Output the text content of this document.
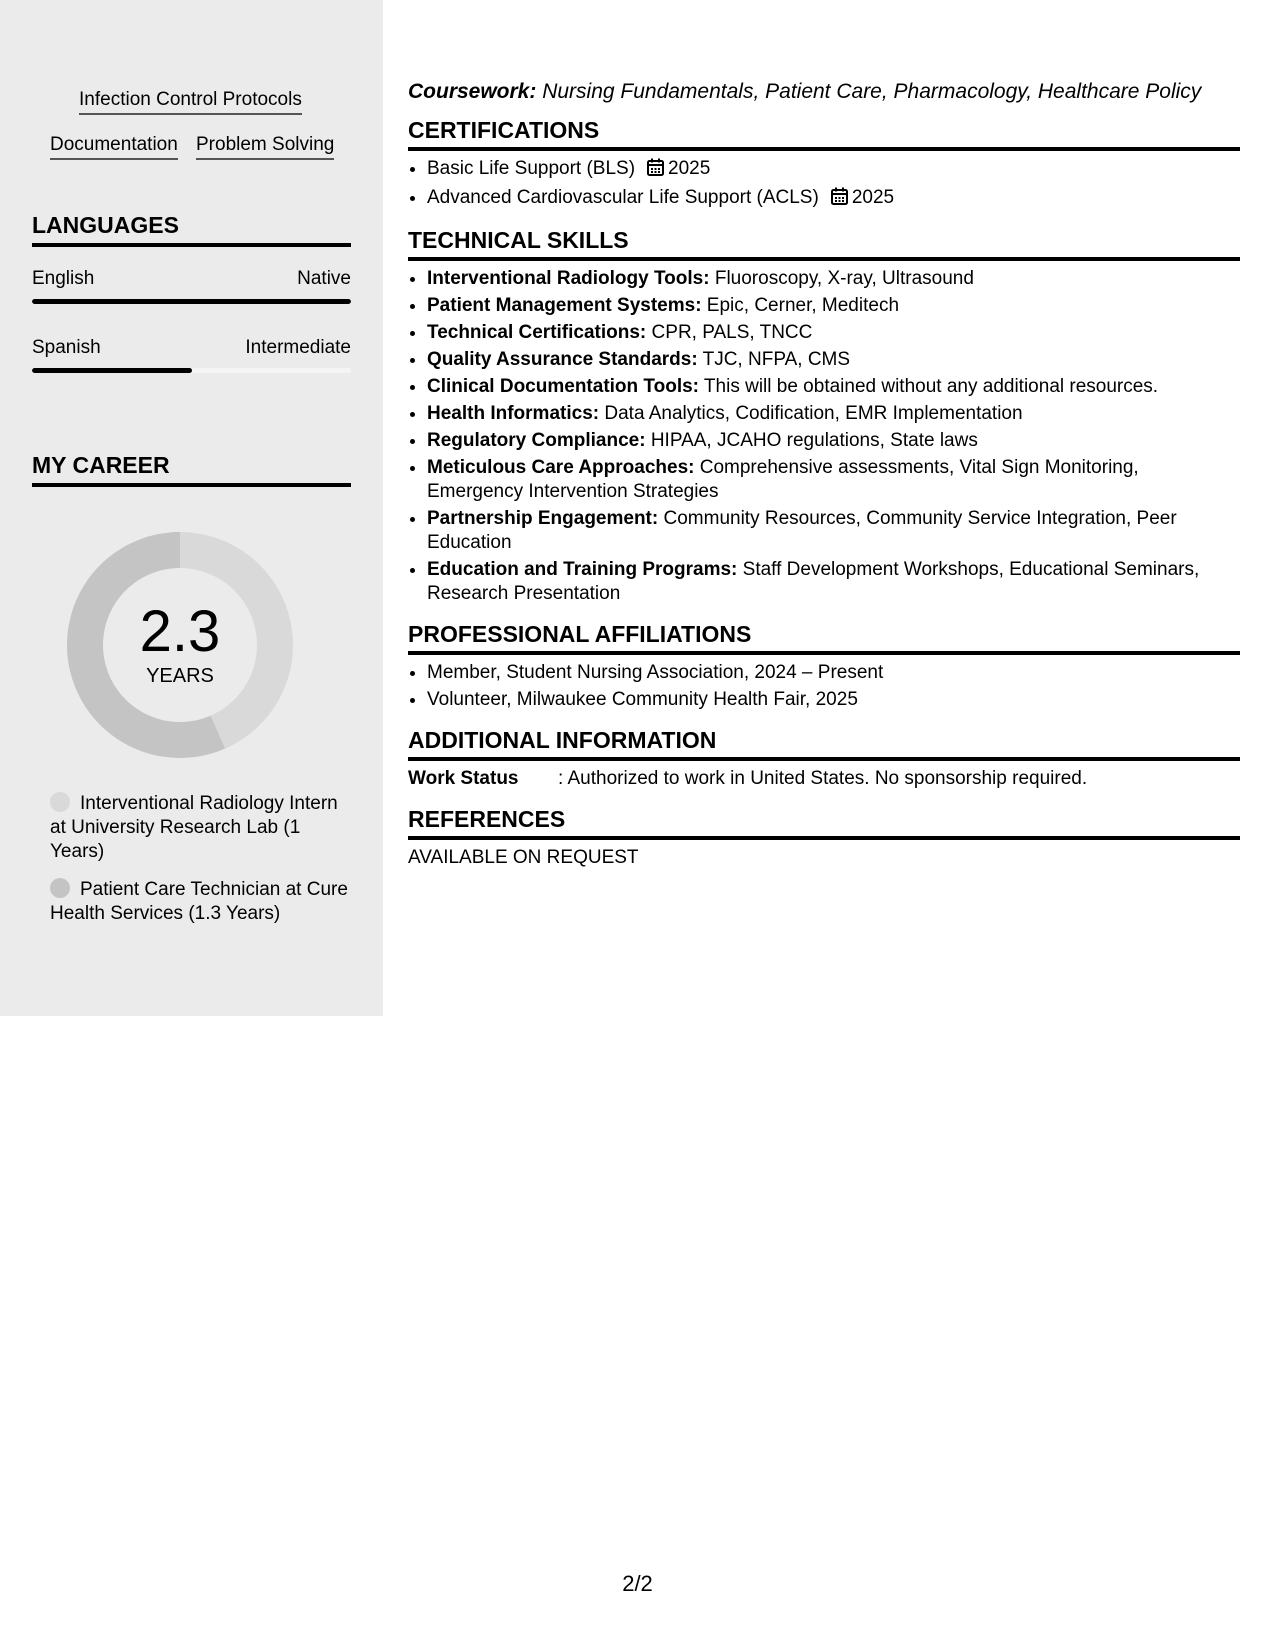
Infection Control Protocols
Documentation Problem Solving
LANGUAGES
English	Native
Spanish	Intermediate
MY CAREER
2.3
YEARS
Interventional Radiology Intern at University Research Lab (1 Years)
Patient Care Technician at Cure Health Services (1.3 Years)

Coursework: Nursing Fundamentals, Patient Care, Pharmacology, Healthcare Policy

CERTIFICATIONS
• Basic Life Support (BLS) 2025
• Advanced Cardiovascular Life Support (ACLS) 2025
TECHNICAL SKILLS
• Interventional Radiology Tools: Fluoroscopy, X-ray, Ultrasound
• Patient Management Systems: Epic, Cerner, Meditech
• Technical Certifications: CPR, PALS, TNCC
• Quality Assurance Standards: TJC, NFPA, CMS
• Clinical Documentation Tools: This will be obtained without any additional resources.
• Health Informatics: Data Analytics, Codification, EMR Implementation
• Regulatory Compliance: HIPAA, JCAHO regulations, State laws
• Meticulous Care Approaches: Comprehensive assessments, Vital Sign Monitoring, Emergency Intervention Strategies
• Partnership Engagement: Community Resources, Community Service Integration, Peer Education
• Education and Training Programs: Staff Development Workshops, Educational Seminars, Research Presentation
PROFESSIONAL AFFILIATIONS
• Member, Student Nursing Association, 2024 – Present
• Volunteer, Milwaukee Community Health Fair, 2025
ADDITIONAL INFORMATION
Work Status	: Authorized to work in United States. No sponsorship required.
REFERENCES

AVAILABLE ON REQUEST

2/2
